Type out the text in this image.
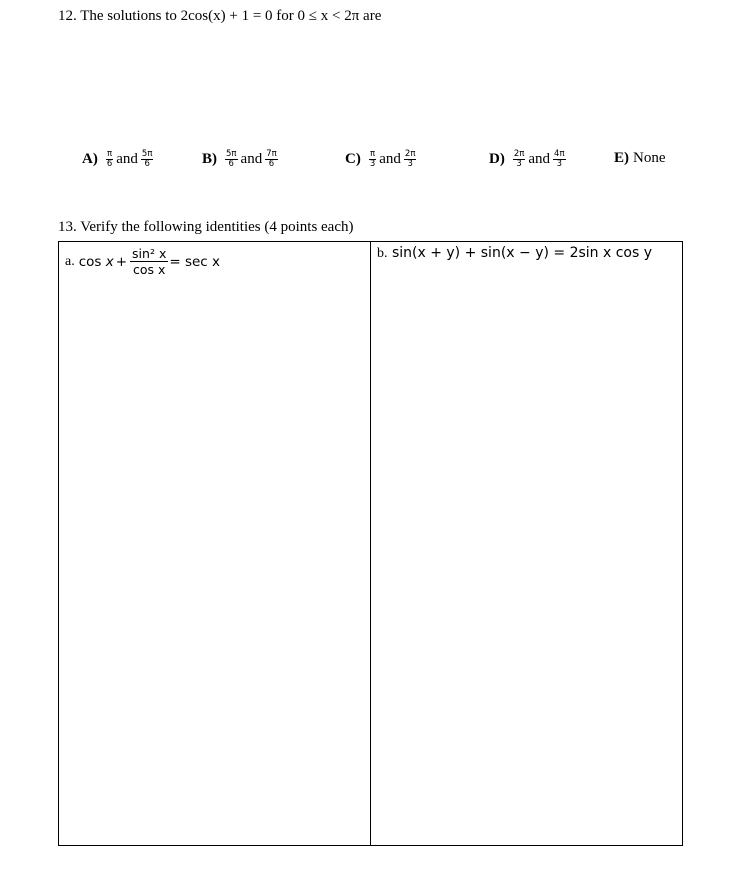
12. The solutions to 2cos(x) + 1 = 0 for 0 ≤ x < 2π are
$A) \frac{\pi}{6}$ and $\frac{5\pi}{6}$	$B) \frac{5\pi}{6}$ and $\frac{7\pi}{6}$	$C) \frac{\pi}{3}$ and $\frac{2\pi}{3}$	$D) \frac{2\pi}{3}$ and $\frac{4\pi}{3}$	E) None
13. Verify the following identities (4 points each)
a. cos
$x + \frac{\text{sin² x}}{\text{cos x}} = \sec x$	b. sin(x + y) + sin(x − y) = 2sin x cos y
